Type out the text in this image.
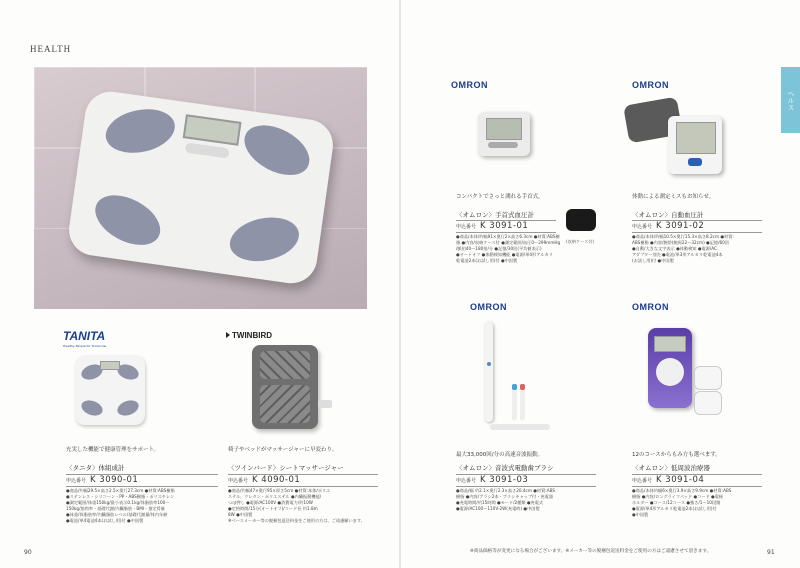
HEALTH
ヘルス
TANITA
Healthy People for Tomorrow
充実した機能で健康管理をサポート。
〈タニタ〉体組成計
申込番号 K 3090-01
●商品/約幅29.5×高さ2.5×奥行27.3cm ●材質:ABS樹脂
●ステンレス・シリコーン・PP・ABS樹脂・ポリスチレン
●測定範囲/体重150kg/最小表示0.1kg/体脂肪率100〜
150kg/筋肉率・基礎代謝/内臓脂肪・BMI・推定骨量
●体重/体脂肪率/内臓脂肪レベル/基礎代謝量/体内年齢
●電池/単4電池4本(お試し用)付 ●中国製
TWINBIRD
椅子やベッドがマッサージャーに早変わり。
〈ツインバード〉シートマッサージャー
申込番号 K 4090-01
●商品/約幅47×奥行95×厚さ5cm ●材質:本体/ポリエ
ステル、ウレタン・ポリエステル ●内臓振動機能/
つぼ押し ●電源/AC100V ●消費電力/約10W
●定格時間/15分(オートオフ)/コード長 約1.8m
8W ●中国製
※ベースメーカー等の脱梱包返送料金をご使用の方は、ご遠慮願います。
OMRON
コンパクトでさっと測れる手首式。
〈オムロン〉手首式血圧計
申込番号 K 3091-01
(収納ケース付)
●商品/本体/約幅91×奥行2×高さ6.3cm ●材質:ABS樹
脂 ●内容/収納ケース付 ●測定範囲/血圧0〜299mmHg
/脈拍40〜180拍/分 ●記憶/30回(平均値表示)
●オートオフ ●体動検知機能 ●電源/単4形アルカリ
乾電池2本(お試し用)付 ●中国製
OMRON
体動による測定ミスもお知らせ。
〈オムロン〉自動血圧計
申込番号 K 3091-02
●商品/本体/約幅10.5×奥行15.3×高さ8.2cm ●材質:
ABS樹脂 ●内容/腕帯(腕周22〜32cm) ●記憶/60回
●自動/大きな文字表示 ●体動検知 ●電源/AC
アダプター別売 ●電池/単3形アルカリ乾電池4本
(お試し用)付 ●中国製
OMRON
最大33,000回/分の高速音波振動。
〈オムロン〉音波式電動歯ブラシ
申込番号 K 3091-03
●商品/幅 約2.1×奥行2.3×高さ20.4cm ●材質:ABS
樹脂 ●内容/ブラシ2本・ブラシキャップ付・充電器
●充電時間/約15時間 ●モード/2種類 ●充電式
●電源/AC100〜110V-2W(充電時) ●中国製
OMRON
12のコースからもみ方も選べます。
〈オムロン〉低周波治療器
申込番号 K 3091-04
●商品/本体約幅6×奥行3.9×高さ9.9cm ●材質:ABS
樹脂 ●内容/ロングライフパッド ●コード ●電極
ホルダー ●コース/12コース ●強さ/1〜10段階
●電源/単4形アルカリ乾電池2本(お試し用)付
●中国製
90	91
※商品価格等が変更になる場合がございます。※メーカー等の脱梱包返送料金をご使用の方はご遠慮させて頂きます。
